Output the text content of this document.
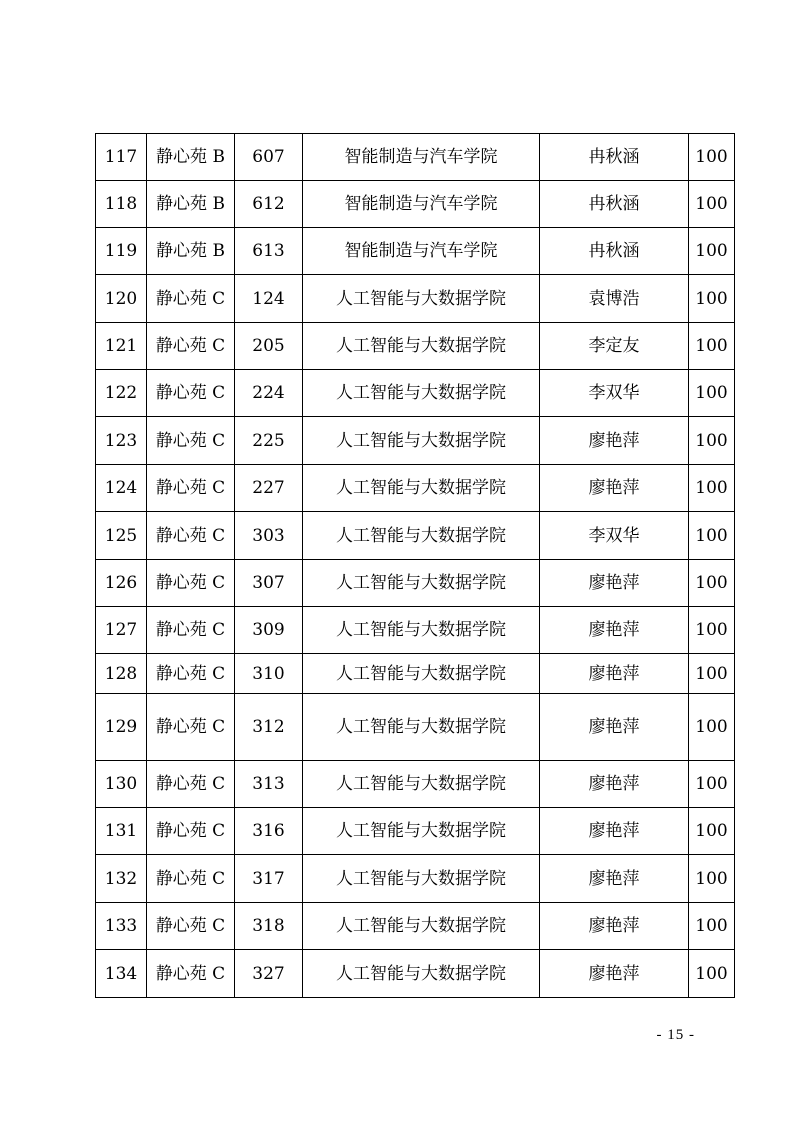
117	静心苑 B	607	智能制造与汽车学院	冉秋涵	100
118	静心苑 B	612	智能制造与汽车学院	冉秋涵	100
119	静心苑 B	613	智能制造与汽车学院	冉秋涵	100
120	静心苑 C	124	人工智能与大数据学院	袁博浩	100
121	静心苑 C	205	人工智能与大数据学院	李定友	100
122	静心苑 C	224	人工智能与大数据学院	李双华	100
123	静心苑 C	225	人工智能与大数据学院	廖艳萍	100
124	静心苑 C	227	人工智能与大数据学院	廖艳萍	100
125	静心苑 C	303	人工智能与大数据学院	李双华	100
126	静心苑 C	307	人工智能与大数据学院	廖艳萍	100
127	静心苑 C	309	人工智能与大数据学院	廖艳萍	100
128	静心苑 C	310	人工智能与大数据学院	廖艳萍	100
129	静心苑 C	312	人工智能与大数据学院	廖艳萍	100
130	静心苑 C	313	人工智能与大数据学院	廖艳萍	100
131	静心苑 C	316	人工智能与大数据学院	廖艳萍	100
132	静心苑 C	317	人工智能与大数据学院	廖艳萍	100
133	静心苑 C	318	人工智能与大数据学院	廖艳萍	100
134	静心苑 C	327	人工智能与大数据学院	廖艳萍	100
- 15 -
